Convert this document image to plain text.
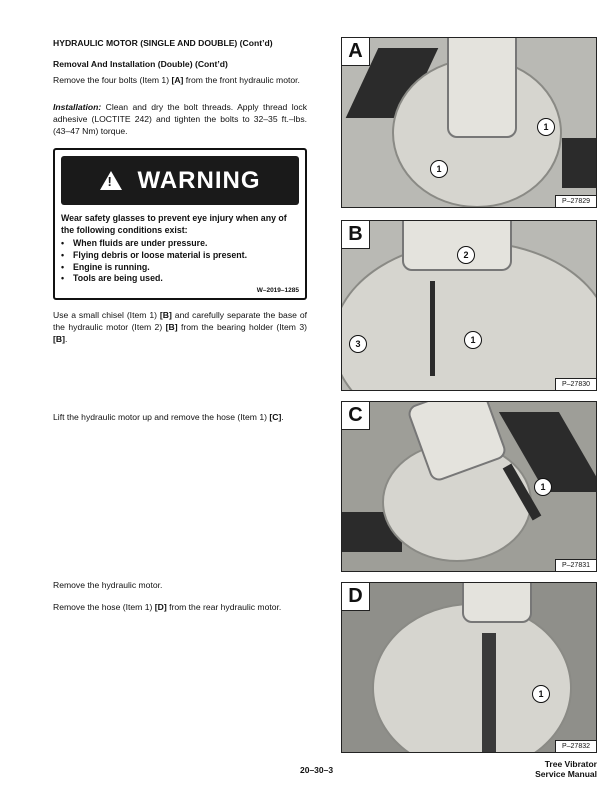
HYDRAULIC MOTOR (SINGLE AND DOUBLE) (Cont’d)
Removal And Installation (Double) (Cont’d)
Remove the four bolts (Item 1) [A] from the front hydraulic motor.
Installation: Clean and dry the bolt threads. Apply thread lock adhesive (LOCTITE 242) and tighten the bolts to 32–35 ft.–lbs. (43–47 Nm) torque.
!
WARNING
Wear safety glasses to prevent eye injury when any of the following conditions exist:
• When fluids are under pressure.
• Flying debris or loose material is present.
• Engine is running.
• Tools are being used.
W–2019–1285
Use a small chisel (Item 1) [B] and carefully separate the base of the hydraulic motor (Item 2) [B] from the bearing holder (Item 3) [B].
Lift the hydraulic motor up and remove the hose (Item 1) [C].
Remove the hydraulic motor.
Remove the hose (Item 1) [D] from the rear hydraulic motor.
A
1
1
P–27829
B
2
3	1
P–27830
C
1
P–27831
D
1
P–27832
20–30–3
Tree Vibrator
Service Manual
